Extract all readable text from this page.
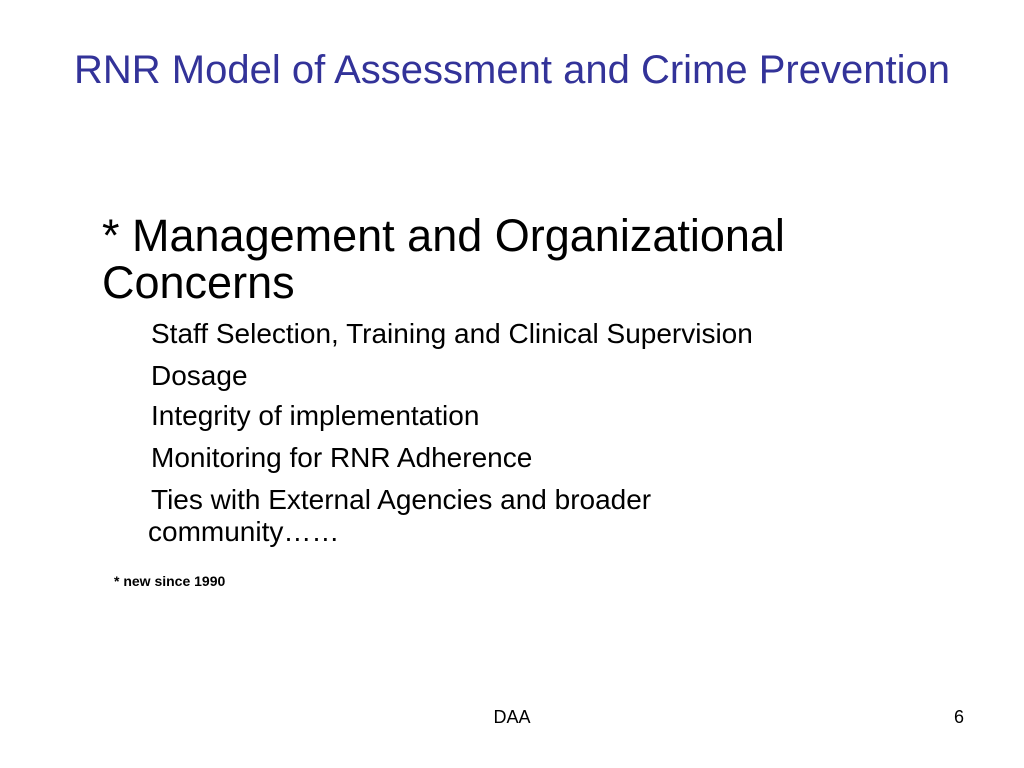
RNR Model of Assessment and Crime Prevention

* Management and Organizational Concerns

Staff Selection, Training and Clinical Supervision
Dosage
Integrity of implementation
Monitoring for RNR Adherence
Ties with External Agencies and broader community……

* new since 1990

DAA	6
